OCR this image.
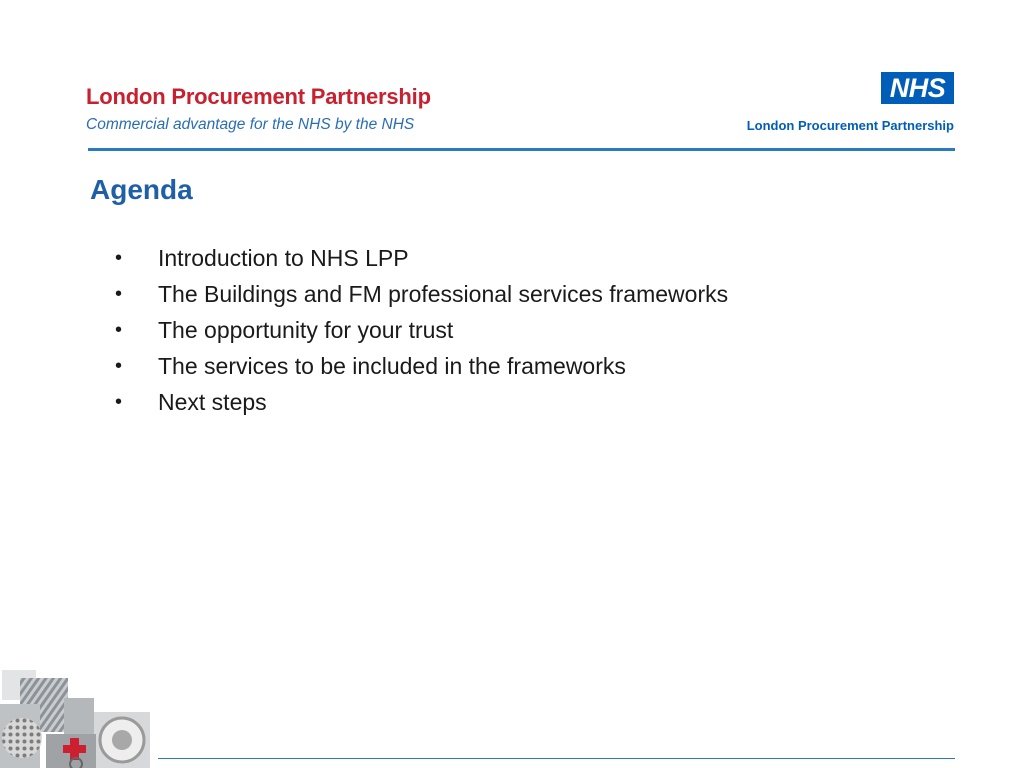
London Procurement Partnership
Commercial advantage for the NHS by the NHS
NHS
London Procurement Partnership
Agenda
•	Introduction to NHS LPP
•	The Buildings and FM professional services frameworks
•	The opportunity for your trust
•	The services to be included in the frameworks
•	Next steps
